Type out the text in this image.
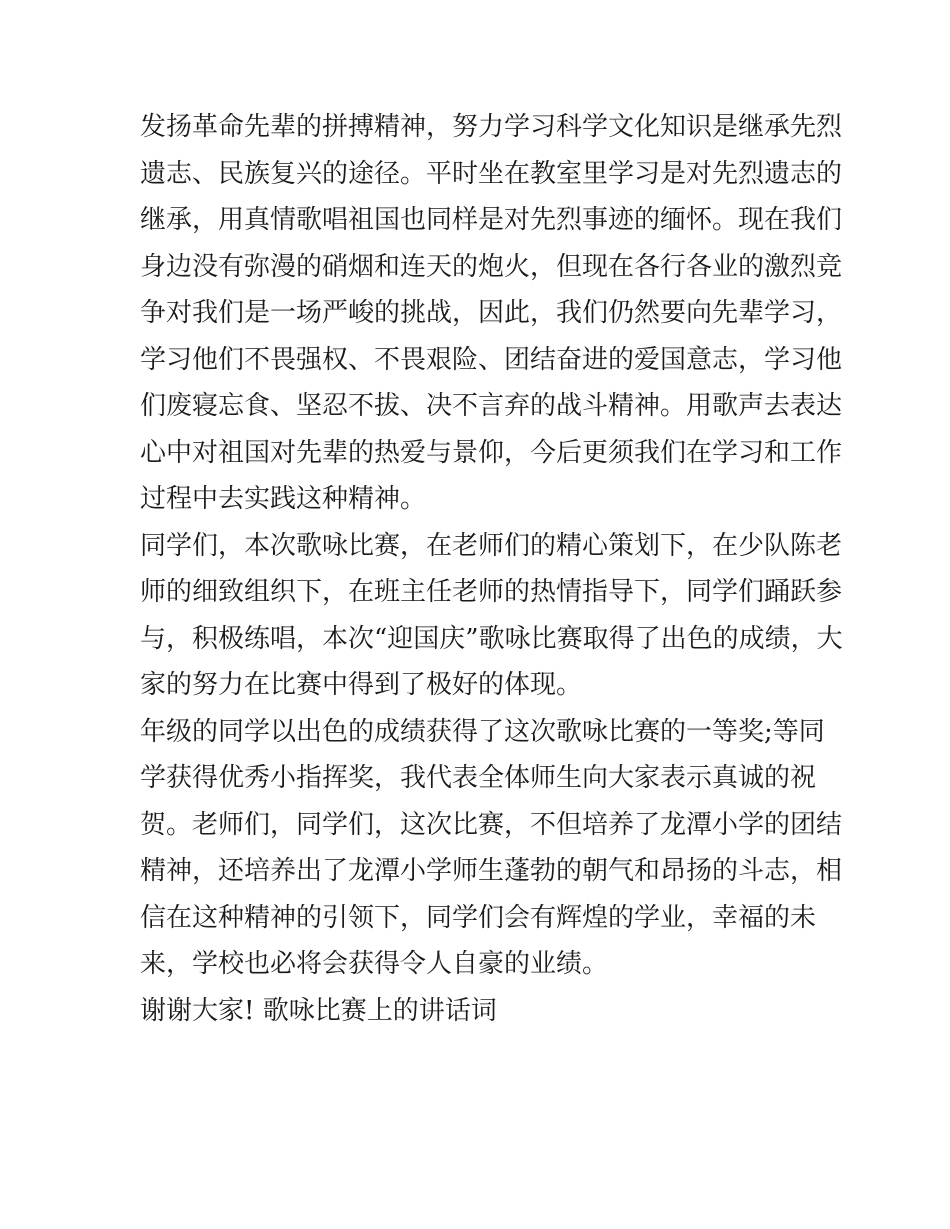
发扬革命先辈的拼搏精神，努力学习科学文化知识是继承先烈
遗志、民族复兴的途径。平时坐在教室里学习是对先烈遗志的
继承，用真情歌唱祖国也同样是对先烈事迹的缅怀。现在我们
身边没有弥漫的硝烟和连天的炮火，但现在各行各业的激烈竞
争对我们是一场严峻的挑战，因此，我们仍然要向先辈学习，
学习他们不畏强权、不畏艰险、团结奋进的爱国意志，学习他
们废寝忘食、坚忍不拔、决不言弃的战斗精神。用歌声去表达
心中对祖国对先辈的热爱与景仰，今后更须我们在学习和工作
过程中去实践这种精神。
同学们，本次歌咏比赛，在老师们的精心策划下，在少队陈老
师的细致组织下，在班主任老师的热情指导下，同学们踊跃参
与，积极练唱，本次“迎国庆”歌咏比赛取得了出色的成绩，大
家的努力在比赛中得到了极好的体现。
年级的同学以出色的成绩获得了这次歌咏比赛的一等奖;等同
学获得优秀小指挥奖，我代表全体师生向大家表示真诚的祝
贺。老师们，同学们，这次比赛，不但培养了龙潭小学的团结
精神，还培养出了龙潭小学师生蓬勃的朝气和昂扬的斗志，相
信在这种精神的引领下，同学们会有辉煌的学业，幸福的未
来，学校也必将会获得令人自豪的业绩。
谢谢大家! 歌咏比赛上的讲话词
